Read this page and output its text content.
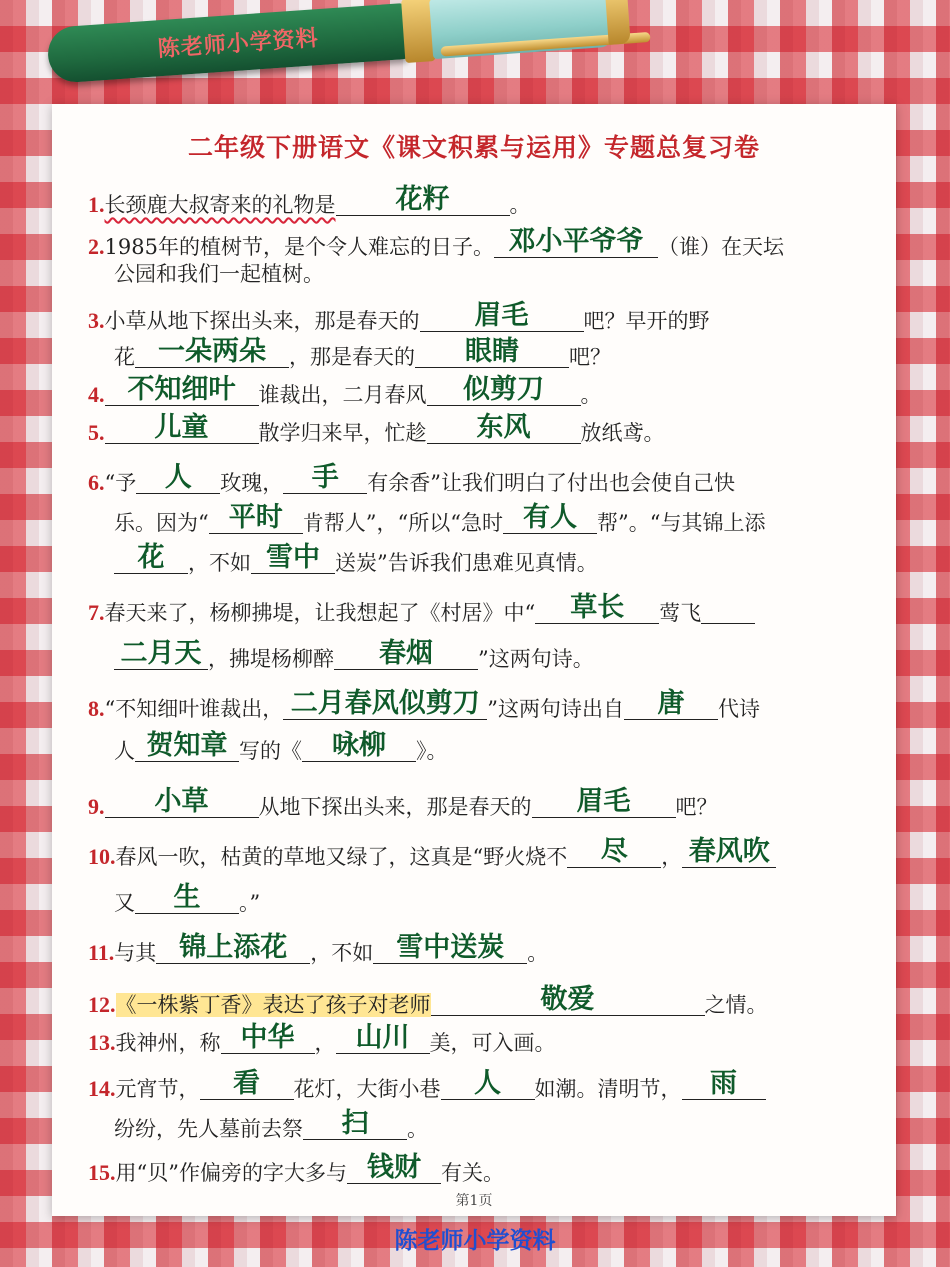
陈老师小学资料
二年级下册语文《课文积累与运用》专题总复习卷
1.长颈鹿大叔寄来的礼物是 花籽	。
2.1985年的植树节，是个令人难忘的日子。 邓小平爷爷 （谁）在天坛
公园和我们一起植树。
3.小草从地下探出头来，那是春天的 眉毛	吧？早开的野
花 一朵两朵 ，那是春天的 眼睛 吧？
4. 不知细叶 谁裁出，二月春风 似剪刀 。
5. 儿童 散学归来早，忙趁 东风 放纸鸢。
6.“予 人 玫瑰， 手 有余香”让我们明白了付出也会使自己快
乐。因为“ 平时 肯帮人”，“所以“急时 有人 帮”。“与其锦上添
花 ，不如 雪中 送炭”告诉我们患难见真情。
7.春天来了，杨柳拂堤，让我想起了《村居》中“ 草长 莺飞
二月天 ，拂堤杨柳醉 春烟 ”这两句诗。
8.“不知细叶谁裁出， 二月春风似剪刀 ”这两句诗出自 唐 代诗
人 贺知章 写的《 咏柳 》。
9. 小草 从地下探出头来，那是春天的 眉毛 吧？
10.春风一吹，枯黄的草地又绿了，这真是“野火烧不 尽 ， 春风吹
又 生 。”
11.与其 锦上添花 ，不如 雪中送炭 。
12.《一株紫丁香》表达了孩子对老师	敬爱	之情。
13.我神州，称 中华 ， 山川 美，可入画。
14.元宵节， 看 花灯，大街小巷 人 如潮。清明节， 雨
纷纷，先人墓前去祭 扫 。
15.用“贝”作偏旁的字大多与 钱财 有关。
第1页
陈老师小学资料
